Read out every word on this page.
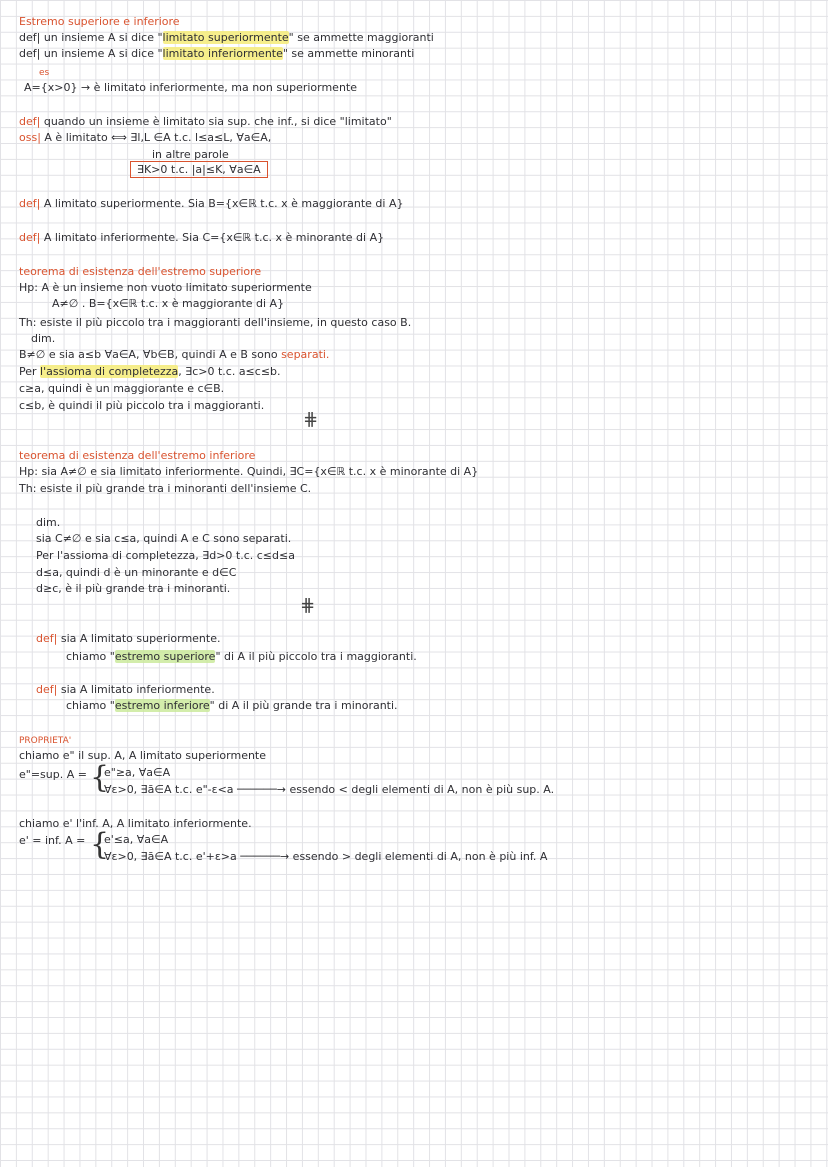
Estremo superiore e inferiore
def| un insieme A si dice "limitato superiormente" se ammette maggioranti
def| un insieme A si dice "limitato inferiormente" se ammette minoranti
es
A={x>0} → è limitato inferiormente, ma non superiormente
def| quando un insieme è limitato sia sup. che inf., si dice "limitato"
oss| A è limitato ⟺ ∃l,L ∈A t.c. l≤a≤L, ∀a∈A,
in altre parole
∃K>0 t.c. |a|≤K, ∀a∈A
def| A limitato superiormente. Sia B={x∈ℝ t.c. x è maggiorante di A}
def| A limitato inferiormente. Sia C={x∈ℝ t.c. x è minorante di A}
teorema di esistenza dell'estremo superiore
Hp: A è un insieme non vuoto limitato superiormente
A≠∅ . B={x∈ℝ t.c. x è maggiorante di A}
Th: esiste il più piccolo tra i maggioranti dell'insieme, in questo caso B.
dim.
B≠∅ e sia a≤b ∀a∈A, ∀b∈B, quindi A e B sono separati.
Per l'assioma di completezza, ∃c>0 t.c. a≤c≤b.
c≥a, quindi è un maggiorante e c∈B.
c≤b, è quindi il più piccolo tra i maggioranti.
⋕
teorema di esistenza dell'estremo inferiore
Hp: sia A≠∅ e sia limitato inferiormente. Quindi, ∃C={x∈ℝ t.c. x è minorante di A}
Th: esiste il più grande tra i minoranti dell'insieme C.
dim.
sia C≠∅ e sia c≤a, quindi A e C sono separati.
Per l'assioma di completezza, ∃d>0 t.c. c≤d≤a
d≤a, quindi d è un minorante e d∈C
d≥c, è il più grande tra i minoranti.
⋕
def| sia A limitato superiormente.
chiamo "estremo superiore" di A il più piccolo tra i maggioranti.
def| sia A limitato inferiormente.
chiamo "estremo inferiore" di A il più grande tra i minoranti.
PROPRIETA'
chiamo e" il sup. A, A limitato superiormente
e"=sup. A = {
e"≥a, ∀a∈A
∀ε>0, ∃ā∈A t.c. e"-ε<a ──────→ essendo < degli elementi di A, non è più sup. A.
chiamo e' l'inf. A, A limitato inferiormente.
e' = inf. A = {
e'≤a, ∀a∈A
∀ε>0, ∃ā∈A t.c. e'+ε>a ──────→ essendo > degli elementi di A, non è più inf. A
